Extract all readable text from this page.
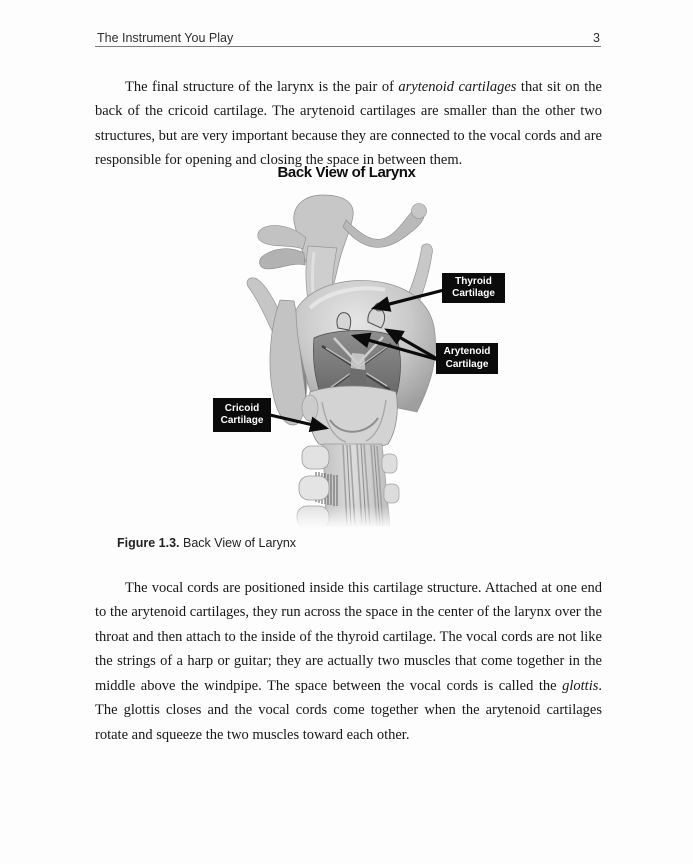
The Instrument You Play	3

The final structure of the larynx is the pair of arytenoid cartilages that sit on the back of the cricoid cartilage. The arytenoid cartilages are smaller than the other two structures, but are very important because they are connected to the vocal cords and are responsible for opening and closing the space in between them.

Back View of Larynx
Thyroid
Cartilage
Arytenoid
Cartilage
Cricoid
Cartilage
Figure 1.3. Back View of Larynx

The vocal cords are positioned inside this cartilage structure. Attached at one end to the arytenoid cartilages, they run across the space in the center of the larynx over the throat and then attach to the inside of the thyroid cartilage. The vocal cords are not like the strings of a harp or guitar; they are actually two muscles that come together in the middle above the windpipe. The space between the vocal cords is called the glottis. The glottis closes and the vocal cords come together when the arytenoid cartilages rotate and squeeze the two muscles toward each other.
